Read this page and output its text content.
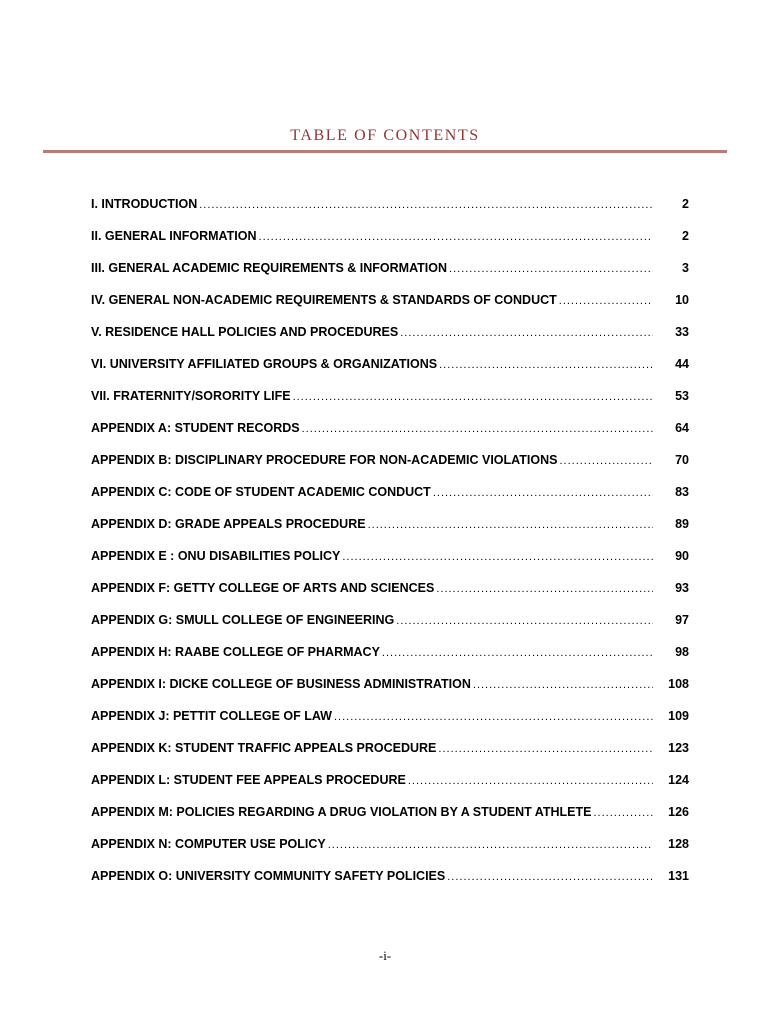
TABLE OF CONTENTS
I. INTRODUCTION .....	2
II. GENERAL INFORMATION .....	2
III. GENERAL ACADEMIC REQUIREMENTS & INFORMATION .....	3
IV. GENERAL NON-ACADEMIC REQUIREMENTS & STANDARDS OF CONDUCT .....	10
V. RESIDENCE HALL POLICIES AND PROCEDURES .....	33
VI. UNIVERSITY AFFILIATED GROUPS & ORGANIZATIONS .....	44
VII. FRATERNITY/SORORITY LIFE .....	53
APPENDIX A: STUDENT RECORDS .....	64
APPENDIX B: DISCIPLINARY PROCEDURE FOR NON-ACADEMIC VIOLATIONS .....	70
APPENDIX C: CODE OF STUDENT ACADEMIC CONDUCT .....	83
APPENDIX D: GRADE APPEALS PROCEDURE .....	89
APPENDIX E : ONU DISABILITIES POLICY .....	90
APPENDIX F: GETTY COLLEGE OF ARTS AND SCIENCES .....	93
APPENDIX G: SMULL COLLEGE OF ENGINEERING .....	97
APPENDIX H: RAABE COLLEGE OF PHARMACY .....	98
APPENDIX I: DICKE COLLEGE OF BUSINESS ADMINISTRATION .....	108
APPENDIX J: PETTIT COLLEGE OF LAW .....	109
APPENDIX K: STUDENT TRAFFIC APPEALS PROCEDURE .....	123
APPENDIX L: STUDENT FEE APPEALS PROCEDURE .....	124
APPENDIX M: POLICIES REGARDING A DRUG VIOLATION BY A STUDENT ATHLETE .....	126
APPENDIX N: COMPUTER USE POLICY .....	128
APPENDIX O: UNIVERSITY COMMUNITY SAFETY POLICIES .....	131
-i-
